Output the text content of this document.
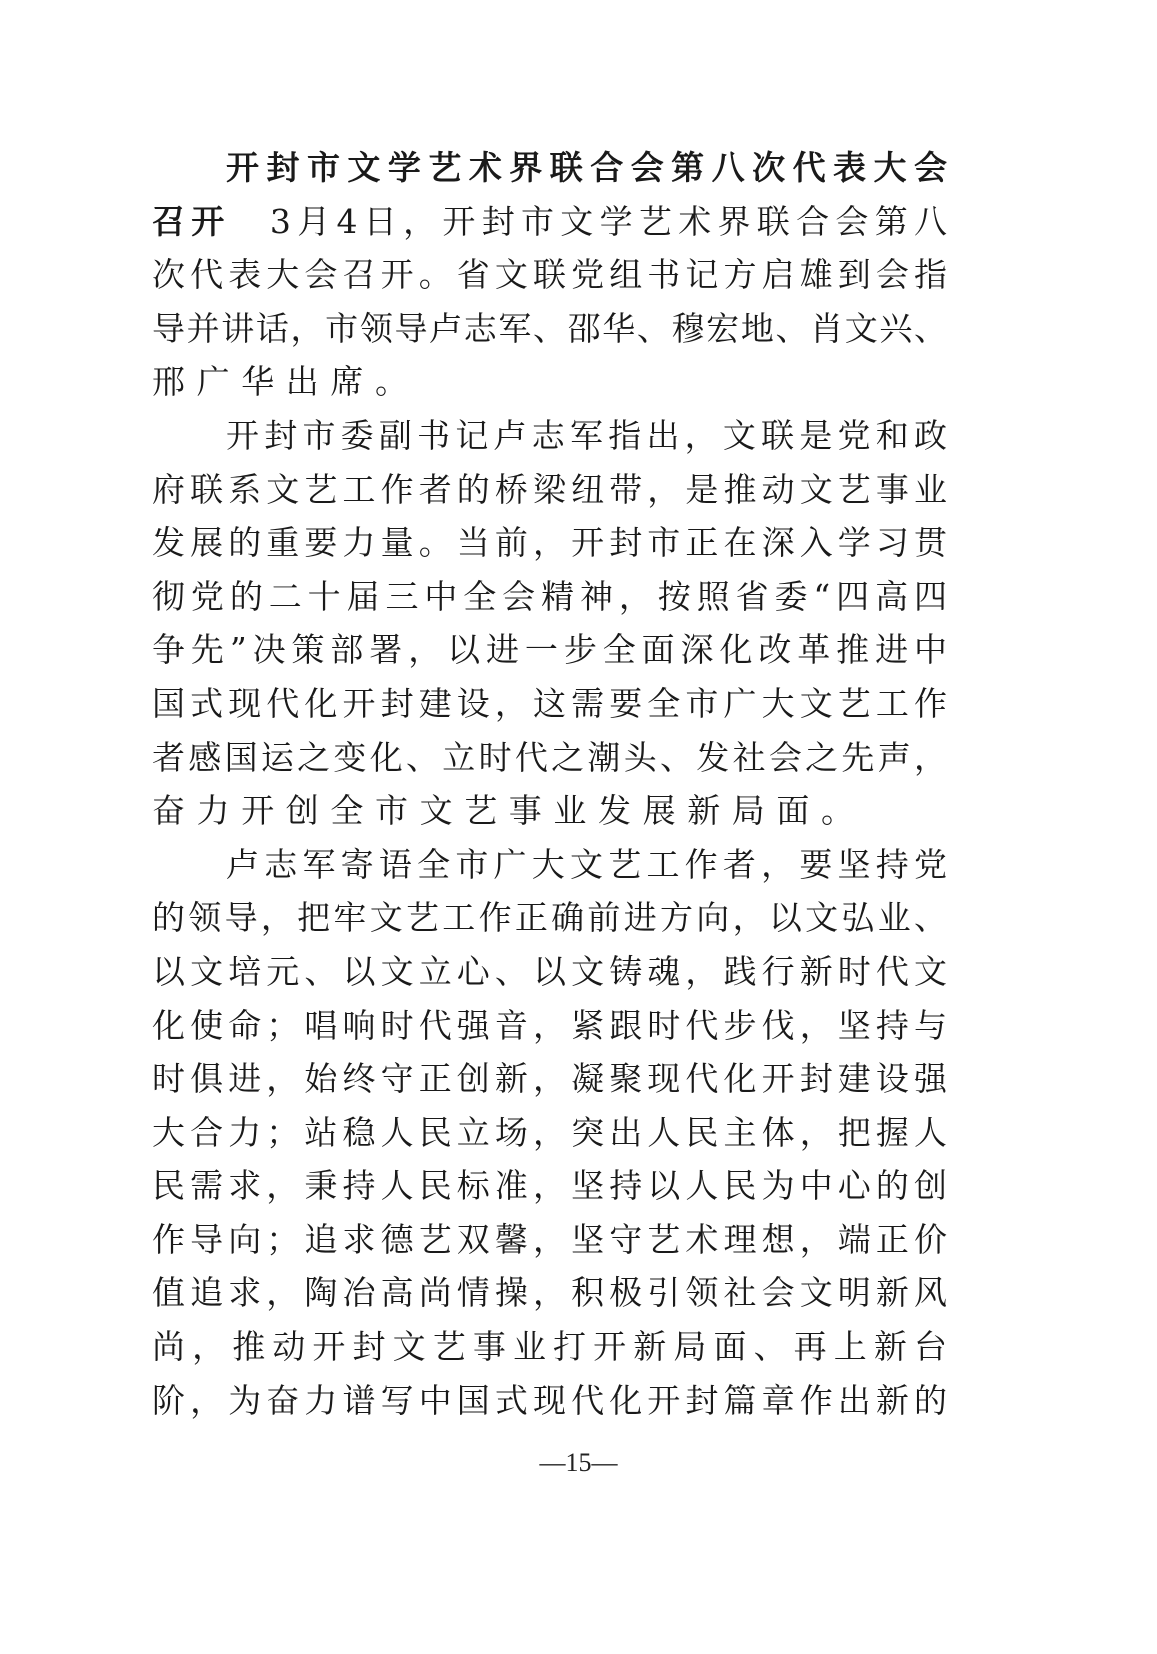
开封市文学艺术界联合会第八次代表大会
召开　3月4日，开封市文学艺术界联合会第八
次代表大会召开。省文联党组书记方启雄到会指
导并讲话，市领导卢志军、邵华、穆宏地、肖文兴、
邢广华出席。
开封市委副书记卢志军指出，文联是党和政
府联系文艺工作者的桥梁纽带，是推动文艺事业
发展的重要力量。当前，开封市正在深入学习贯
彻党的二十届三中全会精神，按照省委“四高四
争先”决策部署，以进一步全面深化改革推进中
国式现代化开封建设，这需要全市广大文艺工作
者感国运之变化、立时代之潮头、发社会之先声，
奋力开创全市文艺事业发展新局面。
卢志军寄语全市广大文艺工作者，要坚持党
的领导，把牢文艺工作正确前进方向，以文弘业、
以文培元、以文立心、以文铸魂，践行新时代文
化使命；唱响时代强音，紧跟时代步伐，坚持与
时俱进，始终守正创新，凝聚现代化开封建设强
大合力；站稳人民立场，突出人民主体，把握人
民需求，秉持人民标准，坚持以人民为中心的创
作导向；追求德艺双馨，坚守艺术理想，端正价
值追求，陶冶高尚情操，积极引领社会文明新风
尚，推动开封文艺事业打开新局面、再上新台
阶，为奋力谱写中国式现代化开封篇章作出新的
—15—
